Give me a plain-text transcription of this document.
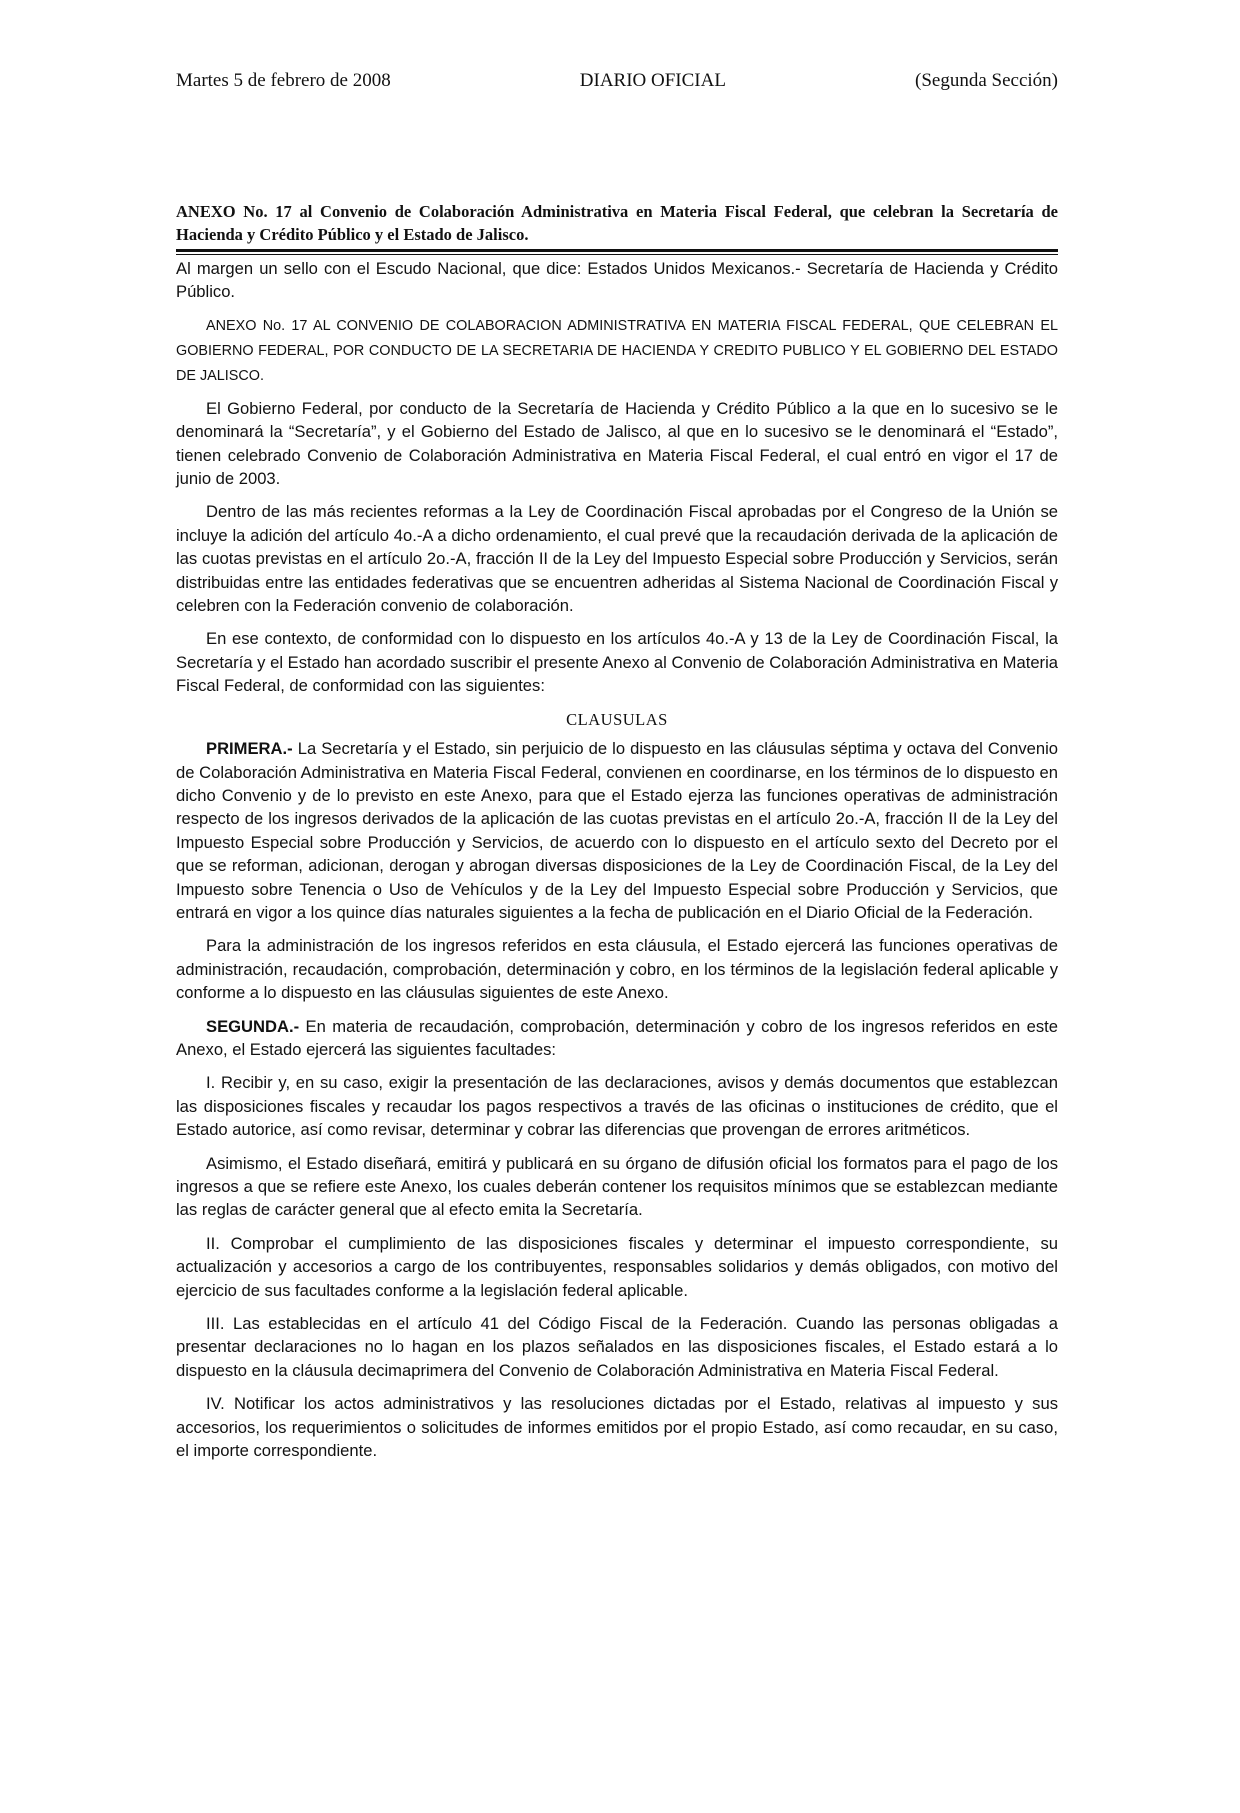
Martes 5 de febrero de 2008	DIARIO OFICIAL	(Segunda Sección)
ANEXO No. 17 al Convenio de Colaboración Administrativa en Materia Fiscal Federal, que celebran la Secretaría de Hacienda y Crédito Público y el Estado de Jalisco.

Al margen un sello con el Escudo Nacional, que dice: Estados Unidos Mexicanos.- Secretaría de Hacienda y Crédito Público.

ANEXO No. 17 AL CONVENIO DE COLABORACION ADMINISTRATIVA EN MATERIA FISCAL FEDERAL, QUE CELEBRAN EL GOBIERNO FEDERAL, POR CONDUCTO DE LA SECRETARIA DE HACIENDA Y CREDITO PUBLICO Y EL GOBIERNO DEL ESTADO DE JALISCO.

El Gobierno Federal, por conducto de la Secretaría de Hacienda y Crédito Público a la que en lo sucesivo se le denominará la “Secretaría”, y el Gobierno del Estado de Jalisco, al que en lo sucesivo se le denominará el “Estado”, tienen celebrado Convenio de Colaboración Administrativa en Materia Fiscal Federal, el cual entró en vigor el 17 de junio de 2003.

Dentro de las más recientes reformas a la Ley de Coordinación Fiscal aprobadas por el Congreso de la Unión se incluye la adición del artículo 4o.-A a dicho ordenamiento, el cual prevé que la recaudación derivada de la aplicación de las cuotas previstas en el artículo 2o.-A, fracción II de la Ley del Impuesto Especial sobre Producción y Servicios, serán distribuidas entre las entidades federativas que se encuentren adheridas al Sistema Nacional de Coordinación Fiscal y celebren con la Federación convenio de colaboración.

En ese contexto, de conformidad con lo dispuesto en los artículos 4o.-A y 13 de la Ley de Coordinación Fiscal, la Secretaría y el Estado han acordado suscribir el presente Anexo al Convenio de Colaboración Administrativa en Materia Fiscal Federal, de conformidad con las siguientes:

CLAUSULAS

PRIMERA.- La Secretaría y el Estado, sin perjuicio de lo dispuesto en las cláusulas séptima y octava del Convenio de Colaboración Administrativa en Materia Fiscal Federal, convienen en coordinarse, en los términos de lo dispuesto en dicho Convenio y de lo previsto en este Anexo, para que el Estado ejerza las funciones operativas de administración respecto de los ingresos derivados de la aplicación de las cuotas previstas en el artículo 2o.-A, fracción II de la Ley del Impuesto Especial sobre Producción y Servicios, de acuerdo con lo dispuesto en el artículo sexto del Decreto por el que se reforman, adicionan, derogan y abrogan diversas disposiciones de la Ley de Coordinación Fiscal, de la Ley del Impuesto sobre Tenencia o Uso de Vehículos y de la Ley del Impuesto Especial sobre Producción y Servicios, que entrará en vigor a los quince días naturales siguientes a la fecha de publicación en el Diario Oficial de la Federación.

Para la administración de los ingresos referidos en esta cláusula, el Estado ejercerá las funciones operativas de administración, recaudación, comprobación, determinación y cobro, en los términos de la legislación federal aplicable y conforme a lo dispuesto en las cláusulas siguientes de este Anexo.

SEGUNDA.- En materia de recaudación, comprobación, determinación y cobro de los ingresos referidos en este Anexo, el Estado ejercerá las siguientes facultades:

I. Recibir y, en su caso, exigir la presentación de las declaraciones, avisos y demás documentos que establezcan las disposiciones fiscales y recaudar los pagos respectivos a través de las oficinas o instituciones de crédito, que el Estado autorice, así como revisar, determinar y cobrar las diferencias que provengan de errores aritméticos.

Asimismo, el Estado diseñará, emitirá y publicará en su órgano de difusión oficial los formatos para el pago de los ingresos a que se refiere este Anexo, los cuales deberán contener los requisitos mínimos que se establezcan mediante las reglas de carácter general que al efecto emita la Secretaría.

II. Comprobar el cumplimiento de las disposiciones fiscales y determinar el impuesto correspondiente, su actualización y accesorios a cargo de los contribuyentes, responsables solidarios y demás obligados, con motivo del ejercicio de sus facultades conforme a la legislación federal aplicable.

III. Las establecidas en el artículo 41 del Código Fiscal de la Federación. Cuando las personas obligadas a presentar declaraciones no lo hagan en los plazos señalados en las disposiciones fiscales, el Estado estará a lo dispuesto en la cláusula decimaprimera del Convenio de Colaboración Administrativa en Materia Fiscal Federal.

IV. Notificar los actos administrativos y las resoluciones dictadas por el Estado, relativas al impuesto y sus accesorios, los requerimientos o solicitudes de informes emitidos por el propio Estado, así como recaudar, en su caso, el importe correspondiente.
